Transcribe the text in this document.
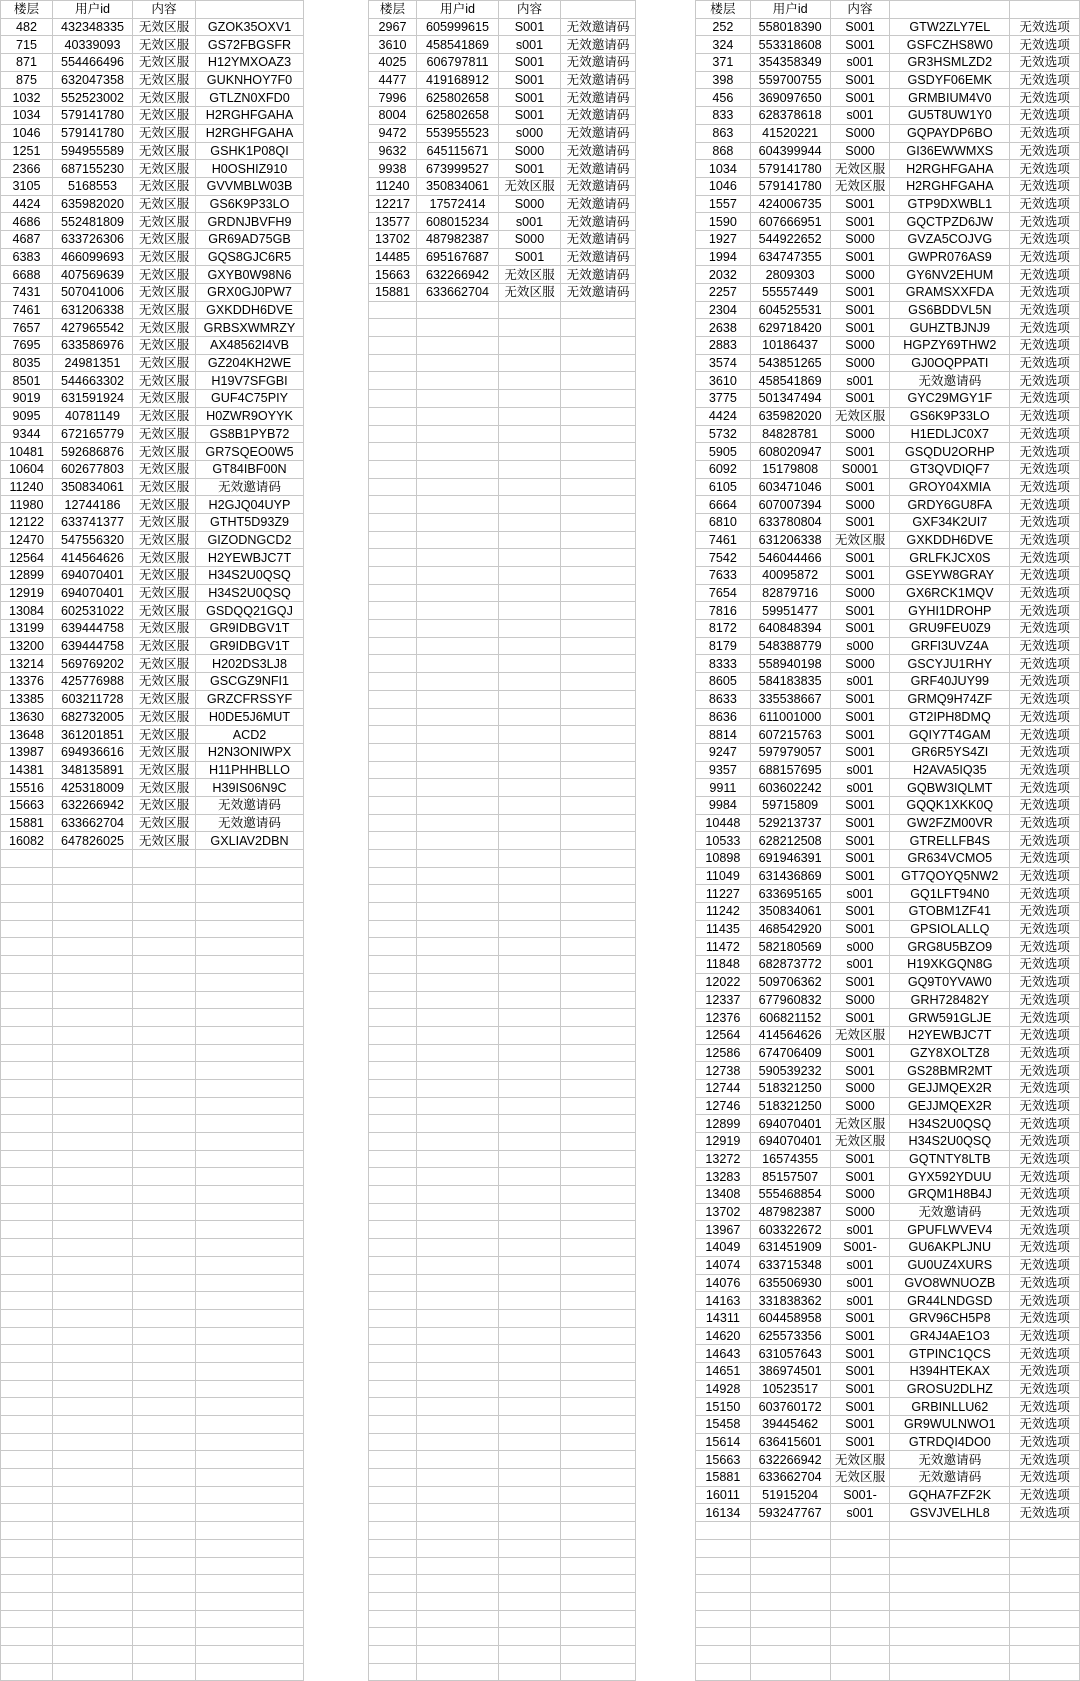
楼层	用户id	内容	
482	432348335	无效区服	GZOK35OXV1
715	40339093	无效区服	GS72FBGSFR
871	554466496	无效区服	H12YMXOAZ3
875	632047358	无效区服	GUKNHOY7F0
1032	552523002	无效区服	GTLZN0XFD0
1034	579141780	无效区服	H2RGHFGAHA
1046	579141780	无效区服	H2RGHFGAHA
1251	594955589	无效区服	GSHK1P08QI
2366	687155230	无效区服	H0OSHIZ910
3105	5168553	无效区服	GVVMBLW03B
4424	635982020	无效区服	GS6K9P33LO
4686	552481809	无效区服	GRDNJBVFH9
4687	633726306	无效区服	GR69AD75GB
6383	466099693	无效区服	GQS8GJC6R5
6688	407569639	无效区服	GXYB0W98N6
7431	507041006	无效区服	GRX0GJ0PW7
7461	631206338	无效区服	GXKDDH6DVE
7657	427965542	无效区服	GRBSXWMRZY
7695	633586976	无效区服	AX48562I4VB
8035	24981351	无效区服	GZ204KH2WE
8501	544663302	无效区服	H19V7SFGBI
9019	631591924	无效区服	GUF4C75PIY
9095	40781149	无效区服	H0ZWR9OYYK
9344	672165779	无效区服	GS8B1PYB72
10481	592686876	无效区服	GR7SQEO0W5
10604	602677803	无效区服	GT84IBF00N
11240	350834061	无效区服	无效邀请码
11980	12744186	无效区服	H2GJQ04UYP
12122	633741377	无效区服	GTHT5D93Z9
12470	547556320	无效区服	GIZODNGCD2
12564	414564626	无效区服	H2YEWBJC7T
12899	694070401	无效区服	H34S2U0QSQ
12919	694070401	无效区服	H34S2U0QSQ
13084	602531022	无效区服	GSDQQ21GQJ
13199	639444758	无效区服	GR9IDBGV1T
13200	639444758	无效区服	GR9IDBGV1T
13214	569769202	无效区服	H202DS3LJ8
13376	425776988	无效区服	GSCGZ9NFI1
13385	603211728	无效区服	GRZCFRSSYF
13630	682732005	无效区服	H0DE5J6MUT
13648	361201851	无效区服	ACD2
13987	694936616	无效区服	H2N3ONIWPX
14381	348135891	无效区服	H11PHHBLLO
15516	425318009	无效区服	H39IS06N9C
15663	632266942	无效区服	无效邀请码
15881	633662704	无效区服	无效邀请码
16082	647826025	无效区服	GXLIAV2DBN

楼层	用户id	内容	
2967	605999615	S001	无效邀请码
3610	458541869	s001	无效邀请码
4025	606797811	S001	无效邀请码
4477	419168912	S001	无效邀请码
7996	625802658	S001	无效邀请码
8004	625802658	S001	无效邀请码
9472	553955523	s000	无效邀请码
9632	645115671	S000	无效邀请码
9938	673999527	S001	无效邀请码
11240	350834061	无效区服	无效邀请码
12217	17572414	S000	无效邀请码
13577	608015234	s001	无效邀请码
13702	487982387	S000	无效邀请码
14485	695167687	S001	无效邀请码
15663	632266942	无效区服	无效邀请码
15881	633662704	无效区服	无效邀请码

楼层	用户id	内容		
252	558018390	S001	GTW2ZLY7EL	无效选项
324	553318608	S001	GSFCZHS8W0	无效选项
371	354358349	s001	GR3HSMLZD2	无效选项
398	559700755	S001	GSDYF06EMK	无效选项
456	369097650	S001	GRMBIUM4V0	无效选项
833	628378618	s001	GU5T8UW1Y0	无效选项
863	41520221	S000	GQPAYDP6BO	无效选项
868	604399944	S000	GI36EWWMXS	无效选项
1034	579141780	无效区服	H2RGHFGAHA	无效选项
1046	579141780	无效区服	H2RGHFGAHA	无效选项
1557	424006735	S001	GTP9DXWBL1	无效选项
1590	607666951	S001	GQCTPZD6JW	无效选项
1927	544922652	S000	GVZA5COJVG	无效选项
1994	634747355	S001	GWPR076AS9	无效选项
2032	2809303	S000	GY6NV2EHUM	无效选项
2257	55557449	S001	GRAMSXXFDA	无效选项
2304	604525531	S001	GS6BDDVL5N	无效选项
2638	629718420	S001	GUHZTBJNJ9	无效选项
2883	10186437	S000	HGPZY69THW2	无效选项
3574	543851265	S000	GJ0OQPPATI	无效选项
3610	458541869	s001	无效邀请码	无效选项
3775	501347494	S001	GYC29MGY1F	无效选项
4424	635982020	无效区服	GS6K9P33LO	无效选项
5732	84828781	S000	H1EDLJC0X7	无效选项
5905	608020947	S001	GSQDU2ORHP	无效选项
6092	15179808	S0001	GT3QVDIQF7	无效选项
6105	603471046	S001	GROY04XMIA	无效选项
6664	607007394	S000	GRDY6GU8FA	无效选项
6810	633780804	S001	GXF34K2UI7	无效选项
7461	631206338	无效区服	GXKDDH6DVE	无效选项
7542	546044466	S001	GRLFKJCX0S	无效选项
7633	40095872	S001	GSEYW8GRAY	无效选项
7654	82879716	S000	GX6RCK1MQV	无效选项
7816	59951477	S001	GYHI1DROHP	无效选项
8172	640848394	S001	GRU9FEU0Z9	无效选项
8179	548388779	s000	GRFI3UVZ4A	无效选项
8333	558940198	S000	GSCYJU1RHY	无效选项
8605	584183835	s001	GRF40JUY99	无效选项
8633	335538667	S001	GRMQ9H74ZF	无效选项
8636	611001000	S001	GT2IPH8DMQ	无效选项
8814	607215763	S001	GQIY7T4GAM	无效选项
9247	597979057	S001	GR6R5YS4ZI	无效选项
9357	688157695	s001	H2AVA5IQ35	无效选项
9911	603602242	s001	GQBW3IQLMT	无效选项
9984	59715809	S001	GQQK1XKK0Q	无效选项
10448	529213737	S001	GW2FZM00VR	无效选项
10533	628212508	S001	GTRELLFB4S	无效选项
10898	691946391	S001	GR634VCMO5	无效选项
11049	631436869	S001	GT7QOYQ5NW2	无效选项
11227	633695165	s001	GQ1LFT94N0	无效选项
11242	350834061	S001	GTOBM1ZF41	无效选项
11435	468542920	S001	GPSIOLALLQ	无效选项
11472	582180569	s000	GRG8U5BZO9	无效选项
11848	682873772	s001	H19XKGQN8G	无效选项
12022	509706362	S001	GQ9T0YVAW0	无效选项
12337	677960832	S000	GRH728482Y	无效选项
12376	606821152	S001	GRW591GLJE	无效选项
12564	414564626	无效区服	H2YEWBJC7T	无效选项
12586	674706409	S001	GZY8XOLTZ8	无效选项
12738	590539232	S001	GS28BMR2MT	无效选项
12744	518321250	S000	GEJJMQEX2R	无效选项
12746	518321250	S000	GEJJMQEX2R	无效选项
12899	694070401	无效区服	H34S2U0QSQ	无效选项
12919	694070401	无效区服	H34S2U0QSQ	无效选项
13272	16574355	S001	GQTNTY8LTB	无效选项
13283	85157507	S001	GYX592YDUU	无效选项
13408	555468854	S000	GRQM1H8B4J	无效选项
13702	487982387	S000	无效邀请码	无效选项
13967	603322672	s001	GPUFLWVEV4	无效选项
14049	631451909	S001-	GU6AKPLJNU	无效选项
14074	633715348	s001	GU0UZ4XURS	无效选项
14076	635506930	s001	GVO8WNUOZB	无效选项
14163	331838362	s001	GR44LNDGSD	无效选项
14311	604458958	S001	GRV96CH5P8	无效选项
14620	625573356	S001	GR4J4AE1O3	无效选项
14643	631057643	S001	GTPINC1QCS	无效选项
14651	386974501	S001	H394HTEKAX	无效选项
14928	10523517	S001	GROSU2DLHZ	无效选项
15150	603760172	S001	GRBINLLU62	无效选项
15458	39445462	S001	GR9WULNWO1	无效选项
15614	636415601	S001	GTRDQI4DO0	无效选项
15663	632266942	无效区服	无效邀请码	无效选项
15881	633662704	无效区服	无效邀请码	无效选项
16011	51915204	S001-	GQHA7FZF2K	无效选项
16134	593247767	s001	GSVJVELHL8	无效选项
